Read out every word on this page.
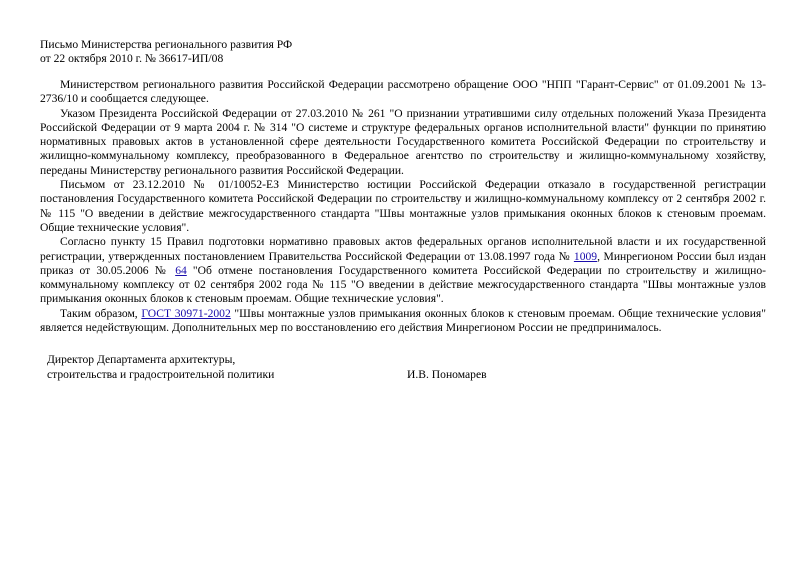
Письмо Министерства регионального развития РФ
от 22 октября 2010 г. № 36617-ИП/08

Министерством регионального развития Российской Федерации рассмотрено обращение ООО "НПП "Гарант-Сервис" от 01.09.2001 № 13-2736/10 и сообщается следующее.

Указом Президента Российской Федерации от 27.03.2010 № 261 "О признании утратившими силу отдельных положений Указа Президента Российской Федерации от 9 марта 2004 г. № 314 "О системе и структуре федеральных органов исполнительной власти" функции по принятию нормативных правовых актов в установленной сфере деятельности Государственного комитета Российской Федерации по строительству и жилищно-коммунальному комплексу, преобразованного в Федеральное агентство по строительству и жилищно-коммунальному хозяйству, переданы Министерству регионального развития Российской Федерации.

Письмом от 23.12.2010 № 01/10052-ЕЗ Министерство юстиции Российской Федерации отказало в государственной регистрации постановления Государственного комитета Российской Федерации по строительству и жилищно-коммунальному комплексу от 2 сентября 2002 г. № 115 "О введении в действие межгосударственного стандарта "Швы монтажные узлов примыкания оконных блоков к стеновым проемам. Общие технические условия".

Согласно пункту 15 Правил подготовки нормативно правовых актов федеральных органов исполнительной власти и их государственной регистрации, утвержденных постановлением Правительства Российской Федерации от 13.08.1997 года № 1009, Минрегионом России был издан приказ от 30.05.2006 № 64 "Об отмене постановления Государственного комитета Российской Федерации по строительству и жилищно-коммунальному комплексу от 02 сентября 2002 года № 115 "О введении в действие межгосударственного стандарта "Швы монтажные узлов примыкания оконных блоков к стеновым проемам. Общие технические условия".

Таким образом, ГОСТ 30971-2002 "Швы монтажные узлов примыкания оконных блоков к стеновым проемам. Общие технические условия" является недействующим. Дополнительных мер по восстановлению его действия Минрегионом России не предпринималось.

Директор Департамента архитектуры,
строительства и градостроительной политики	И.В. Пономарев
